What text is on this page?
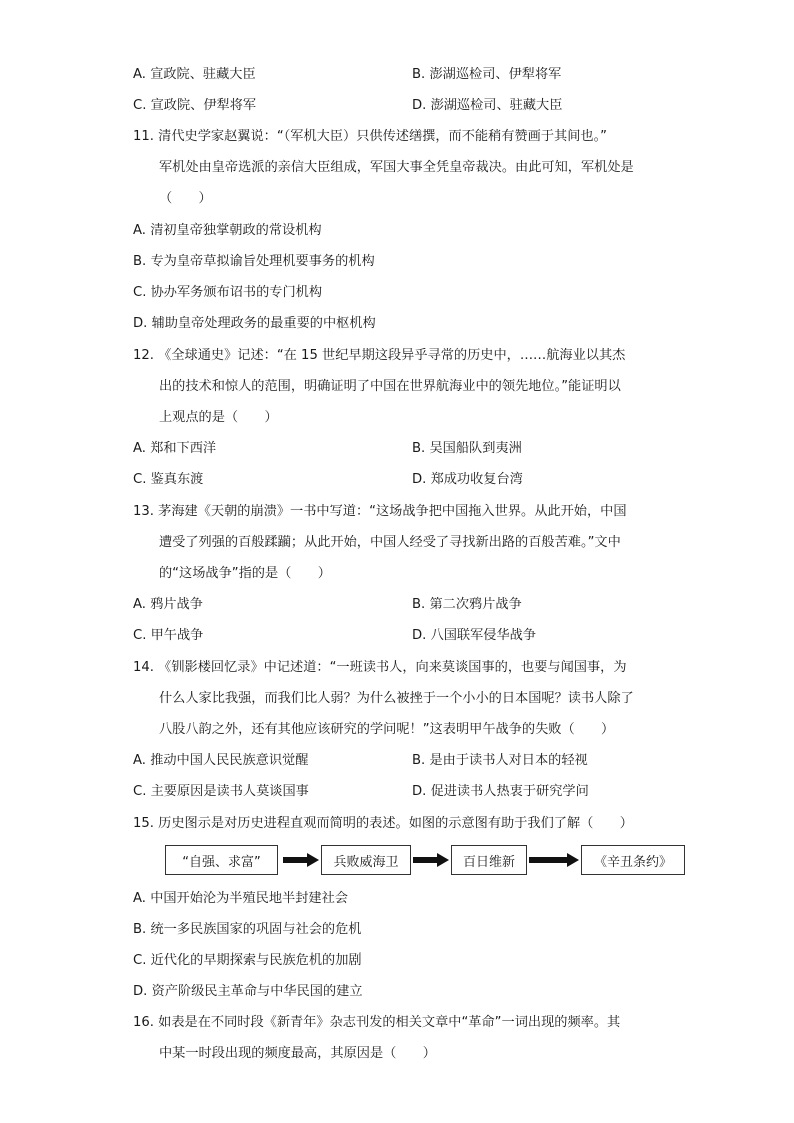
A. 宣政院、驻藏大臣	B. 澎湖巡检司、伊犁将军
C. 宣政院、伊犁将军	D. 澎湖巡检司、驻藏大臣
11. 清代史学家赵翼说：“（军机大臣）只供传述缮撰，而不能稍有赞画于其间也。”
军机处由皇帝选派的亲信大臣组成，军国大事全凭皇帝裁决。由此可知，军机处是
（　　）
A. 清初皇帝独掌朝政的常设机构
B. 专为皇帝草拟谕旨处理机要事务的机构
C. 协办军务颁布诏书的专门机构
D. 辅助皇帝处理政务的最重要的中枢机构
12. 《全球通史》记述：“在 15 世纪早期这段异乎寻常的历史中，……航海业以其杰
出的技术和惊人的范围，明确证明了中国在世界航海业中的领先地位。”能证明以
上观点的是（　　）
A. 郑和下西洋	B. 吴国船队到夷洲
C. 鉴真东渡	D. 郑成功收复台湾
13. 茅海建《天朝的崩溃》一书中写道：“这场战争把中国拖入世界。从此开始，中国
遭受了列强的百般蹂躏；从此开始，中国人经受了寻找新出路的百般苦难。”文中
的“这场战争”指的是（　　）
A. 鸦片战争	B. 第二次鸦片战争
C. 甲午战争	D. 八国联军侵华战争
14. 《钏影楼回忆录》中记述道：“一班读书人，向来莫谈国事的，也要与闻国事，为
什么人家比我强，而我们比人弱？为什么被挫于一个小小的日本国呢？读书人除了
八股八韵之外，还有其他应该研究的学问呢！”这表明甲午战争的失败（　　）
A. 推动中国人民民族意识觉醒	B. 是由于读书人对日本的轻视
C. 主要原因是读书人莫谈国事	D. 促进读书人热衷于研究学问
15. 历史图示是对历史进程直观而简明的表述。如图的示意图有助于我们了解（　　）
“自强、求富”	兵败威海卫	百日维新	《辛丑条约》
A. 中国开始沦为半殖民地半封建社会
B. 统一多民族国家的巩固与社会的危机
C. 近代化的早期探索与民族危机的加剧
D. 资产阶级民主革命与中华民国的建立
16. 如表是在不同时段《新青年》杂志刊发的相关文章中“革命”一词出现的频率。其
中某一时段出现的频度最高，其原因是（　　）
